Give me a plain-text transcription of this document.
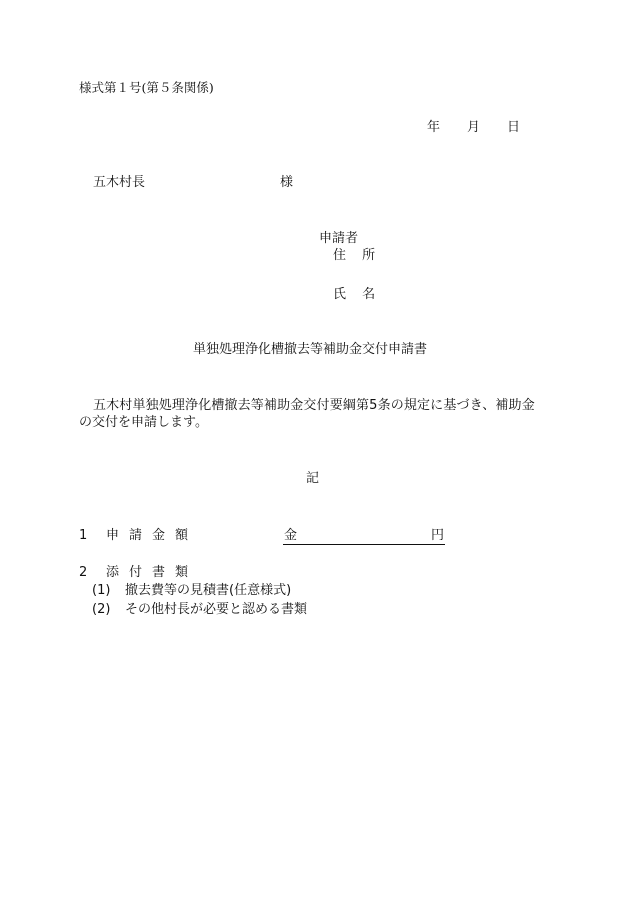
様式第１号(第５条関係)
年 月 日
五木村長	様
申請者
住 所
氏 名
単独処理浄化槽撤去等補助金交付申請書
五木村単独処理浄化槽撤去等補助金交付要綱第5条の規定に基づき、補助金
の交付を申請します。
記
1 申請金額	金	円
2 添付書類
(1) 撤去費等の見積書(任意様式)
(2) その他村長が必要と認める書類
